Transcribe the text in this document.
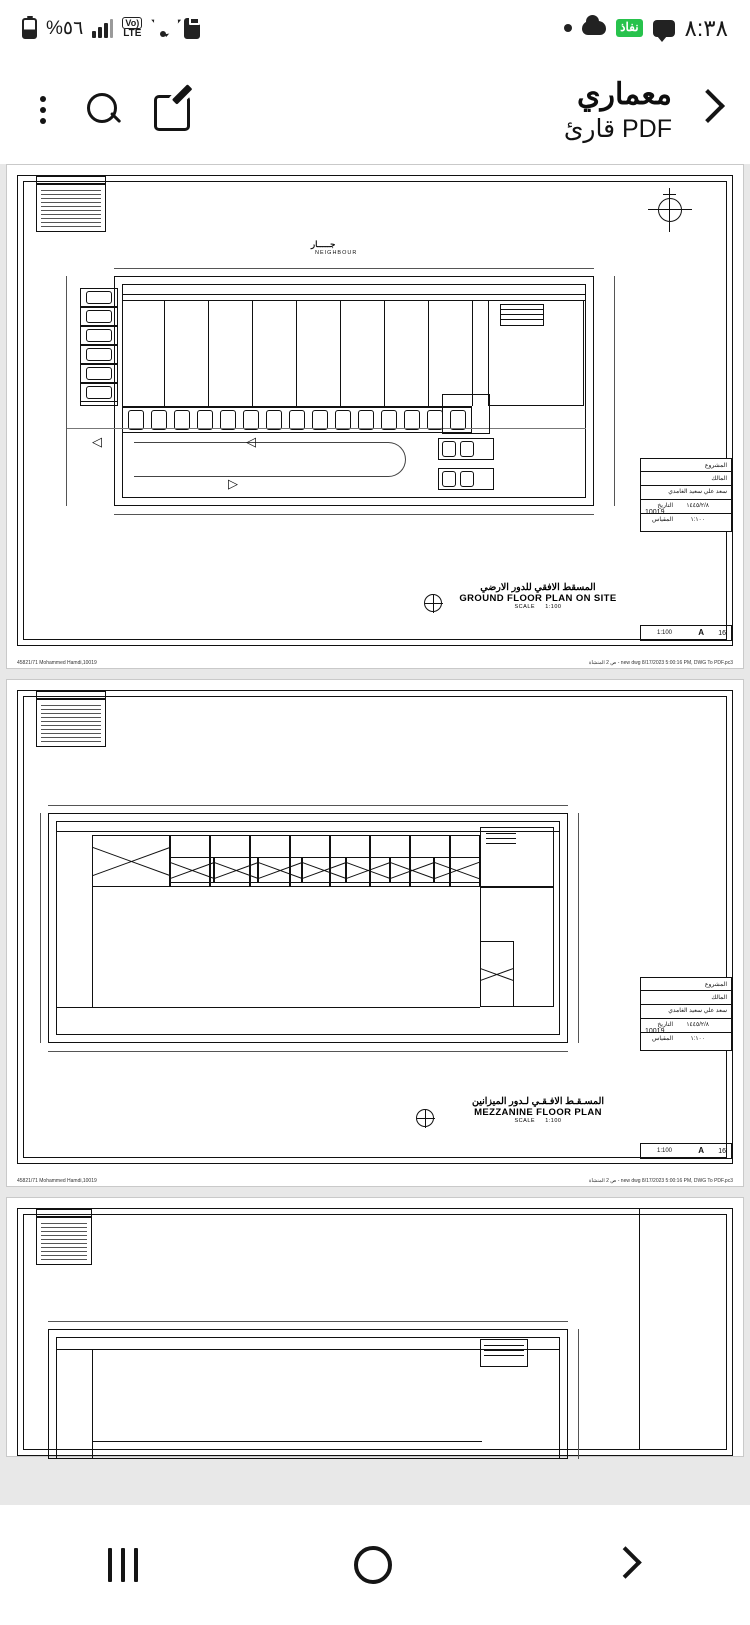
%٥٦	Vo)
LTE	نفاذ ٨:٣٨
معماري
قارئ PDF
جـــــار
NEIGHBOUR
◁	◁
▷
المسقط الافقي للدور الارضي
GROUND FLOOR PLAN ON SITE
SCALE 1:100
المشروع
المالك
سعد علي سعيد الغامدي
التاريخ ١٤٤٥/٢/٨
المقياس	١:١٠٠
10019
1:100	A 16
45821/71 Mohammed Hamdi,10019	ص 2 المنشأة - new dwg 8/17/2023 5:00:16 PM, DWG To PDF.pc3
المسـقـط الافـقـي لـدور الميزانين
MEZZANINE FLOOR PLAN
SCALE 1:100
المشروع
المالك
سعد علي سعيد الغامدي
التاريخ ١٤٤٥/٢/٨
المقياس	١:١٠٠
10019
1:100	A 16
45821/71 Mohammed Hamdi,10019	ص 2 المنشأة - new dwg 8/17/2023 5:00:16 PM, DWG To PDF.pc3
